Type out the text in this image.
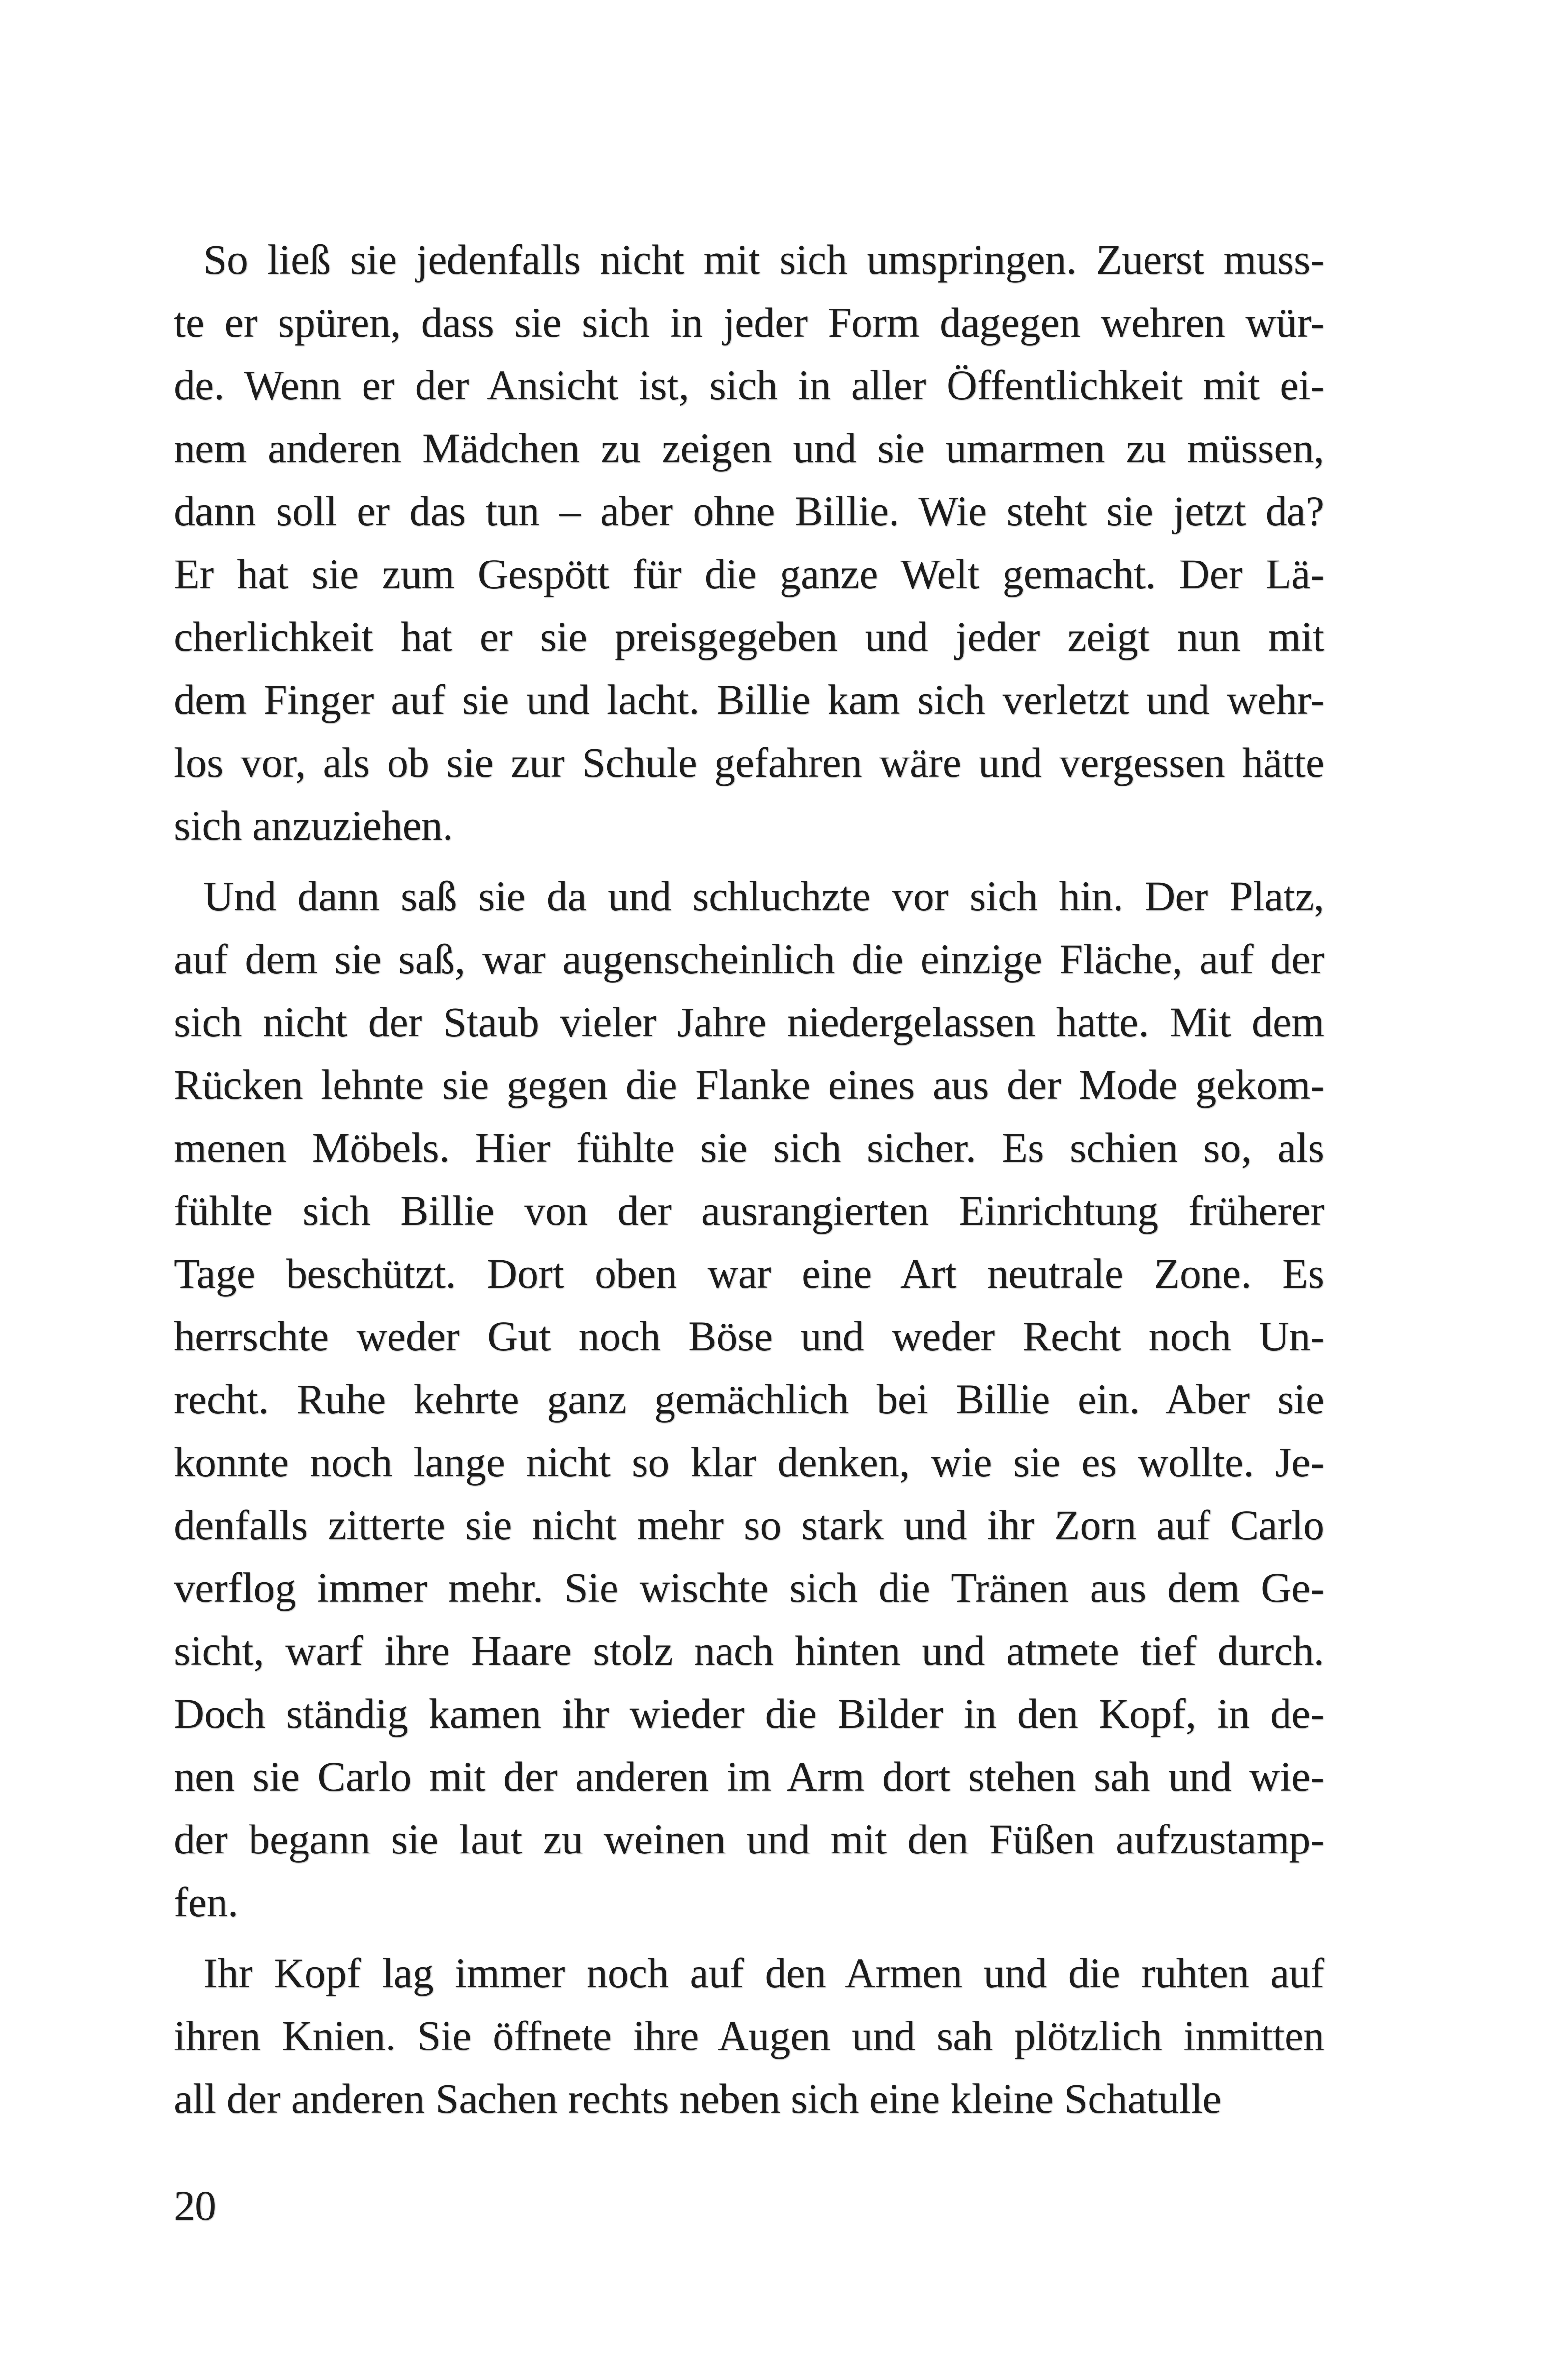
So ließ sie jedenfalls nicht mit sich umspringen. Zuerst muss-
te er spüren, dass sie sich in jeder Form dagegen wehren wür-
de. Wenn er der Ansicht ist, sich in aller Öffentlichkeit mit ei-
nem anderen Mädchen zu zeigen und sie umarmen zu müssen,
dann soll er das tun – aber ohne Billie. Wie steht sie jetzt da?
Er hat sie zum Gespött für die ganze Welt gemacht. Der Lä-
cherlichkeit hat er sie preisgegeben und jeder zeigt nun mit
dem Finger auf sie und lacht. Billie kam sich verletzt und wehr-
los vor, als ob sie zur Schule gefahren wäre und vergessen hätte
sich anzuziehen.
Und dann saß sie da und schluchzte vor sich hin. Der Platz,
auf dem sie saß, war augenscheinlich die einzige Fläche, auf der
sich nicht der Staub vieler Jahre niedergelassen hatte. Mit dem
Rücken lehnte sie gegen die Flanke eines aus der Mode gekom-
menen Möbels. Hier fühlte sie sich sicher. Es schien so, als
fühlte sich Billie von der ausrangierten Einrichtung früherer
Tage beschützt. Dort oben war eine Art neutrale Zone. Es
herrschte weder Gut noch Böse und weder Recht noch Un-
recht. Ruhe kehrte ganz gemächlich bei Billie ein. Aber sie
konnte noch lange nicht so klar denken, wie sie es wollte. Je-
denfalls zitterte sie nicht mehr so stark und ihr Zorn auf Carlo
verflog immer mehr. Sie wischte sich die Tränen aus dem Ge-
sicht, warf ihre Haare stolz nach hinten und atmete tief durch.
Doch ständig kamen ihr wieder die Bilder in den Kopf, in de-
nen sie Carlo mit der anderen im Arm dort stehen sah und wie-
der begann sie laut zu weinen und mit den Füßen aufzustamp-
fen.
Ihr Kopf lag immer noch auf den Armen und die ruhten auf
ihren Knien. Sie öffnete ihre Augen und sah plötzlich inmitten
all der anderen Sachen rechts neben sich eine kleine Schatulle
20
